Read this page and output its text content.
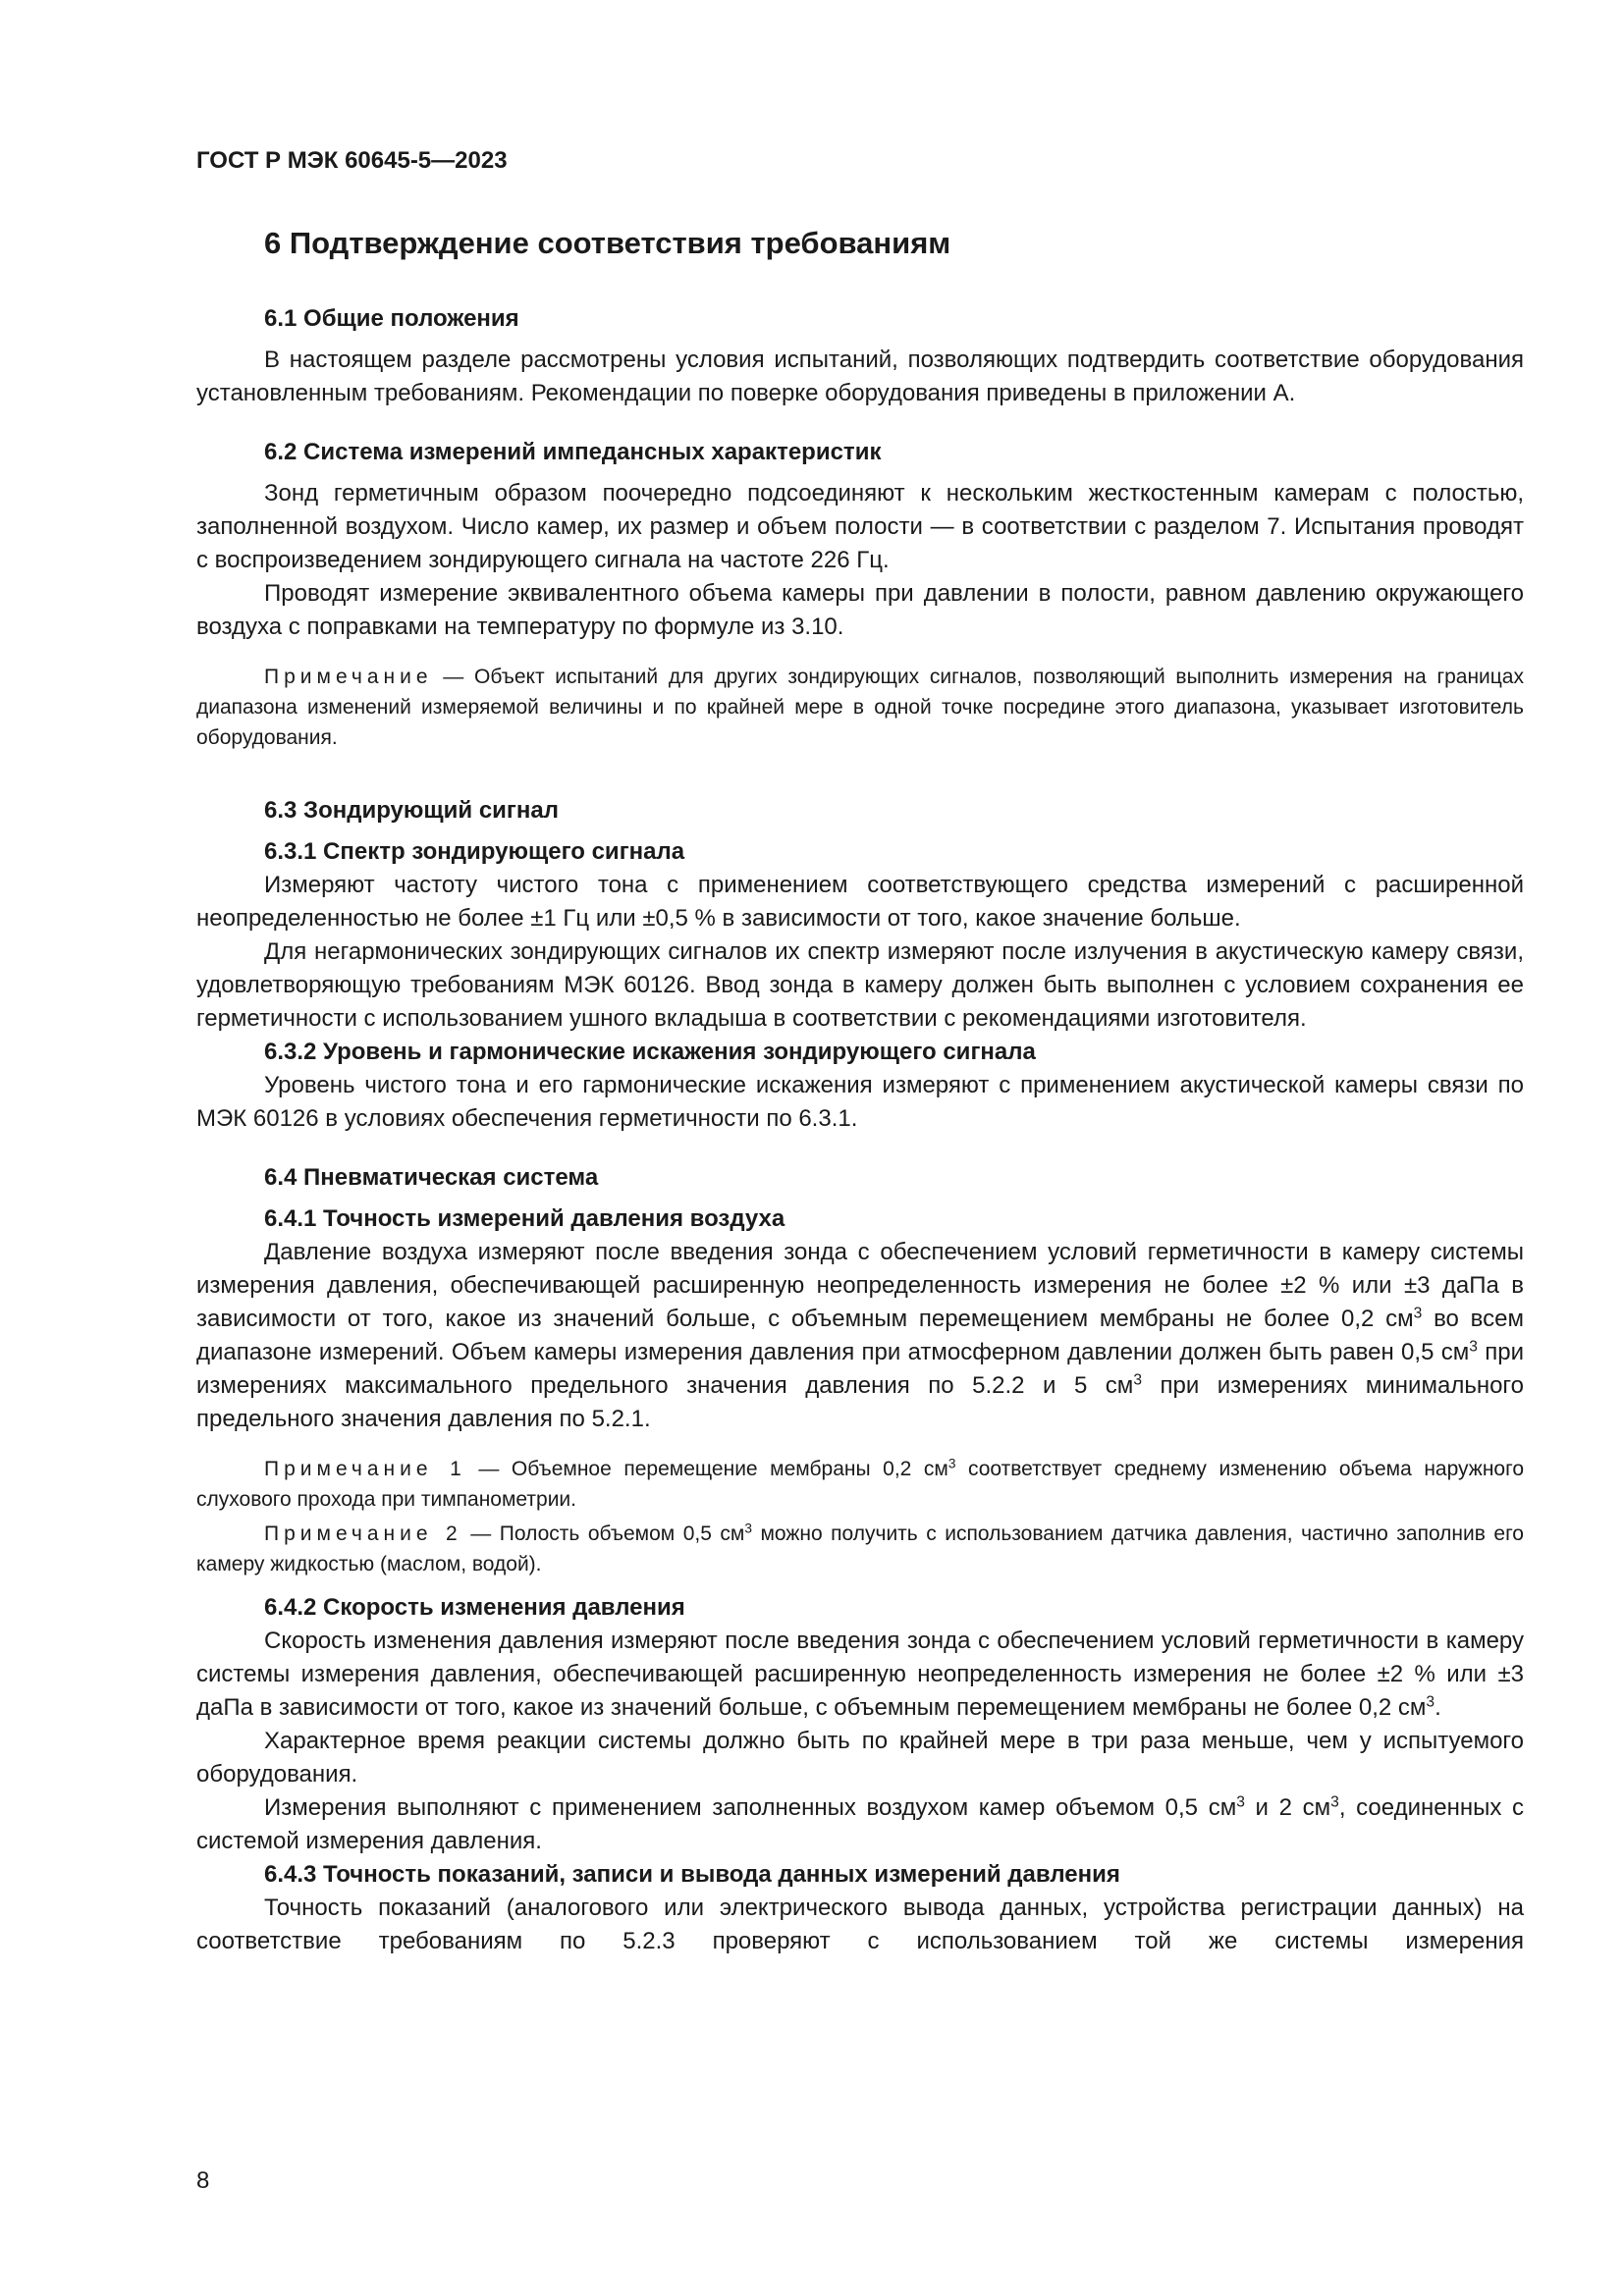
ГОСТ Р МЭК 60645-5—2023
6 Подтверждение соответствия требованиям
6.1 Общие положения

В настоящем разделе рассмотрены условия испытаний, позволяющих подтвердить соответствие оборудования установленным требованиям. Рекомендации по поверке оборудования приведены в приложении А.

6.2 Система измерений импедансных характеристик

Зонд герметичным образом поочередно подсоединяют к нескольким жесткостенным камерам с полостью, заполненной воздухом. Число камер, их размер и объем полости — в соответствии с разделом 7. Испытания проводят с воспроизведением зондирующего сигнала на частоте 226 Гц.

Проводят измерение эквивалентного объема камеры при давлении в полости, равном давлению окружающего воздуха с поправками на температуру по формуле из 3.10.

Примечание — Объект испытаний для других зондирующих сигналов, позволяющий выполнить измерения на границах диапазона изменений измеряемой величины и по крайней мере в одной точке посредине этого диапазона, указывает изготовитель оборудования.
6.3 Зондирующий сигнал
6.3.1 Спектр зондирующего сигнала

Измеряют частоту чистого тона с применением соответствующего средства измерений с расширенной неопределенностью не более ±1 Гц или ±0,5 % в зависимости от того, какое значение больше.

Для негармонических зондирующих сигналов их спектр измеряют после излучения в акустическую камеру связи, удовлетворяющую требованиям МЭК 60126. Ввод зонда в камеру должен быть выполнен с условием сохранения ее герметичности с использованием ушного вкладыша в соответствии с рекомендациями изготовителя.

6.3.2 Уровень и гармонические искажения зондирующего сигнала

Уровень чистого тона и его гармонические искажения измеряют с применением акустической камеры связи по МЭК 60126 в условиях обеспечения герметичности по 6.3.1.

6.4 Пневматическая система
6.4.1 Точность измерений давления воздуха

Давление воздуха измеряют после введения зонда с обеспечением условий герметичности в камеру системы измерения давления, обеспечивающей расширенную неопределенность измерения не более ±2 % или ±3 даПа в зависимости от того, какое из значений больше, с объемным перемещением мембраны не более 0,2 $см^3$ во всем диапазоне измерений. Объем камеры измерения давления при атмосферном давлении должен быть равен 0,5 $см^3$ при измерениях максимального предельного значения давления по 5.2.2 и 5 $см^3$ при измерениях минимального предельного значения давления по 5.2.1.

Примечание 1 — Объемное перемещение мембраны 0,2 $см^3$ соответствует среднему изменению объема наружного слухового прохода при тимпанометрии.
Примечание 2 — Полость объемом 0,5 $см^3$ можно получить с использованием датчика давления, частично заполнив его камеру жидкостью (маслом, водой).
6.4.2 Скорость изменения давления

Скорость изменения давления измеряют после введения зонда с обеспечением условий герметичности в камеру системы измерения давления, обеспечивающей расширенную неопределенность измерения не более ±2 % или ±3 даПа в зависимости от того, какое из значений больше, с объемным перемещением мембраны не более 0,2 $см^3$.

Характерное время реакции системы должно быть по крайней мере в три раза меньше, чем у испытуемого оборудования.

Измерения выполняют с применением заполненных воздухом камер объемом 0,5 $см^3$ и 2 $см^3$, соединенных с системой измерения давления.

6.4.3 Точность показаний, записи и вывода данных измерений давления

Точность показаний (аналогового или электрического вывода данных, устройства регистрации данных) на соответствие требованиям по 5.2.3 проверяют с использованием той же системы измерения

8
